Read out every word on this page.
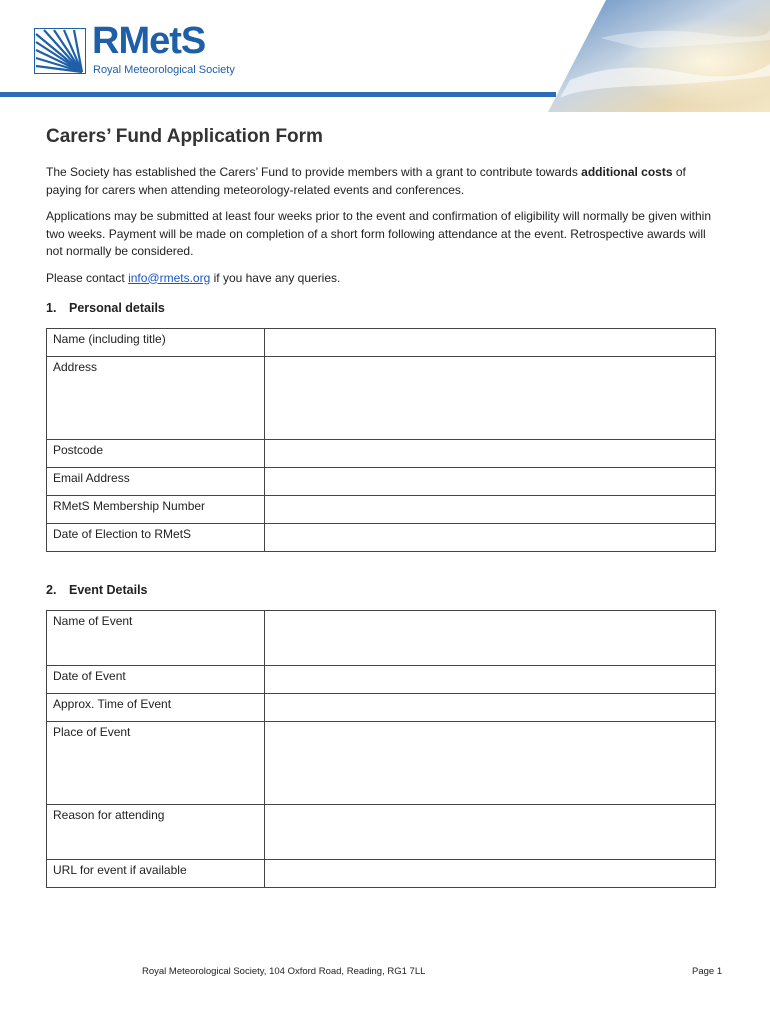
RMetS
Royal Meteorological Society
Carers’ Fund Application Form

The Society has established the Carers’ Fund to provide members with a grant to contribute towards additional costs of paying for carers when attending meteorology-related events and conferences.

Applications may be submitted at least four weeks prior to the event and confirmation of eligibility will normally be given within two weeks. Payment will be made on completion of a short form following attendance at the event. Retrospective awards will not normally be considered.

Please contact info@rmets.org if you have any queries.

1. Personal details
Name (including title)	
Address	
Postcode	
Email Address	
RMetS Membership Number	
Date of Election to RMetS	
2. Event Details
Name of Event	
Date of Event	
Approx. Time of Event	
Place of Event	
Reason for attending	
URL for event if available	
Royal Meteorological Society, 104 Oxford Road, Reading, RG1 7LL	Page 1
